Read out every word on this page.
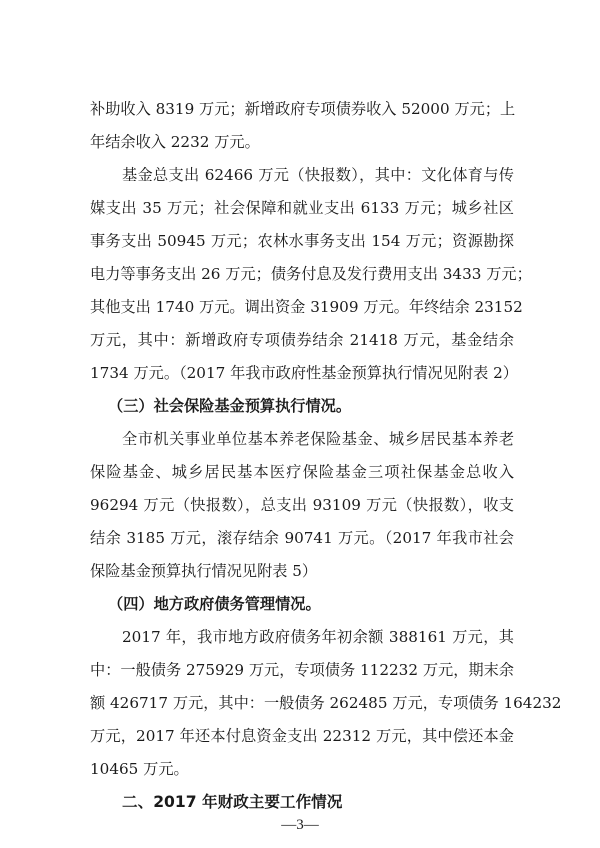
补助收入 8319 万元；新增政府专项债券收入 52000 万元；上
年结余收入 2232 万元。
基金总支出 62466 万元（快报数），其中：文化体育与传
媒支出 35 万元；社会保障和就业支出 6133 万元；城乡社区
事务支出 50945 万元；农林水事务支出 154 万元；资源勘探
电力等事务支出 26 万元；债务付息及发行费用支出 3433 万元；
其他支出 1740 万元。调出资金 31909 万元。年终结余 23152
万元，其中：新增政府专项债券结余 21418 万元，基金结余
1734 万元。（2017 年我市政府性基金预算执行情况见附表 2）
（三）社会保险基金预算执行情况。
全市机关事业单位基本养老保险基金、城乡居民基本养老
保险基金、城乡居民基本医疗保险基金三项社保基金总收入
96294 万元（快报数），总支出 93109 万元（快报数），收支
结余 3185 万元，滚存结余 90741 万元。（2017 年我市社会
保险基金预算执行情况见附表 5）
（四）地方政府债务管理情况。
2017 年，我市地方政府债务年初余额 388161 万元，其
中：一般债务 275929 万元，专项债务 112232 万元，期末余
额 426717 万元，其中：一般债务 262485 万元，专项债务 164232
万元，2017 年还本付息资金支出 22312 万元，其中偿还本金
10465 万元。
二、2017 年财政主要工作情况
—3—
